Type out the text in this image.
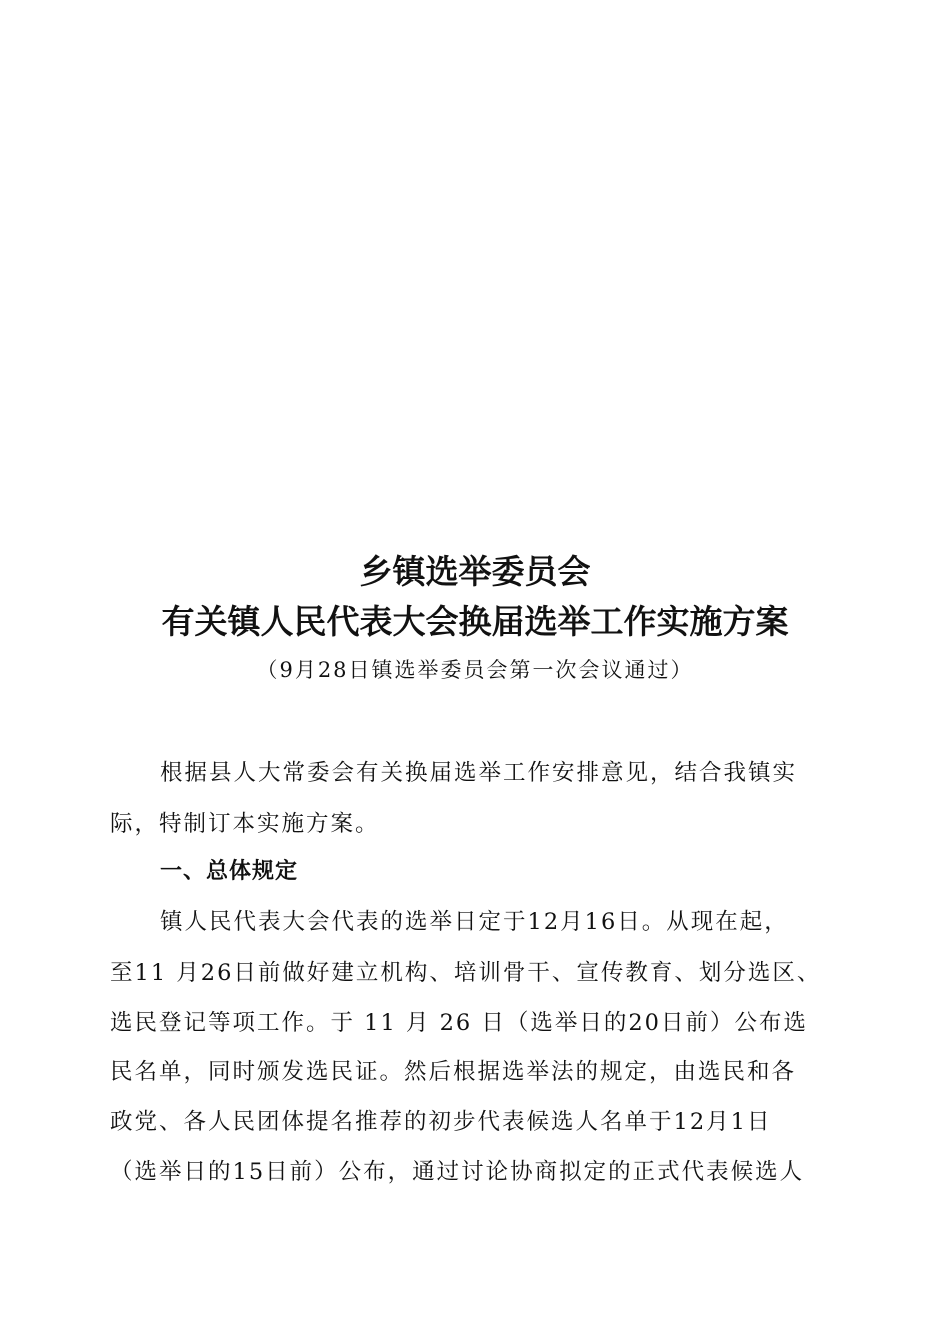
乡镇选举委员会
有关镇人民代表大会换届选举工作实施方案
（9月28日镇选举委员会第一次会议通过）
根据县人大常委会有关换届选举工作安排意见，结合我镇实
际，特制订本实施方案。
一、总体规定
镇人民代表大会代表的选举日定于12月16日。从现在起，
至11 月26日前做好建立机构、培训骨干、宣传教育、划分选区、
选民登记等项工作。于 11 月 26 日（选举日的20日前）公布选
民名单，同时颁发选民证。然后根据选举法的规定，由选民和各
政党、各人民团体提名推荐的初步代表候选人名单于12月1日
（选举日的15日前）公布，通过讨论协商拟定的正式代表候选人
